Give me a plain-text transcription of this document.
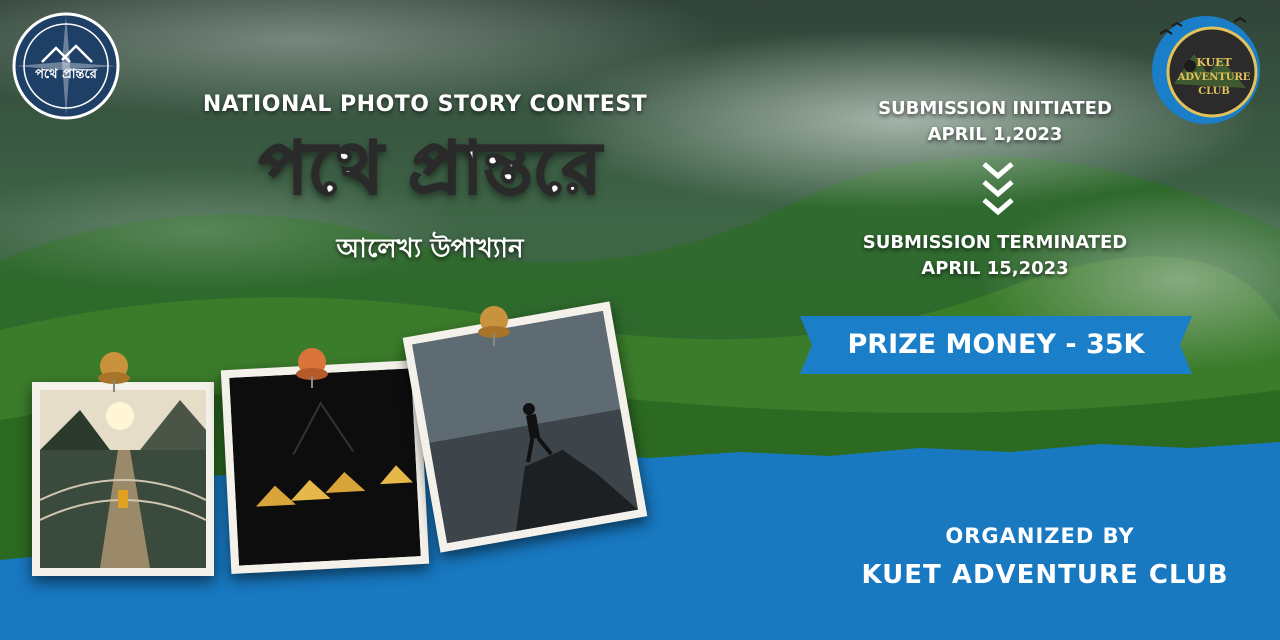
পথে প্রান্তরে
KUET
ADVENTURE
CLUB
NATIONAL PHOTO STORY CONTEST
পথে প্রান্তরে
আলেখ্য উপাখ্যান
SUBMISSION INITIATED
APRIL 1,2023
SUBMISSION TERMINATED
APRIL 15,2023
PRIZE MONEY - 35K
ORGANIZED BY
KUET ADVENTURE CLUB
